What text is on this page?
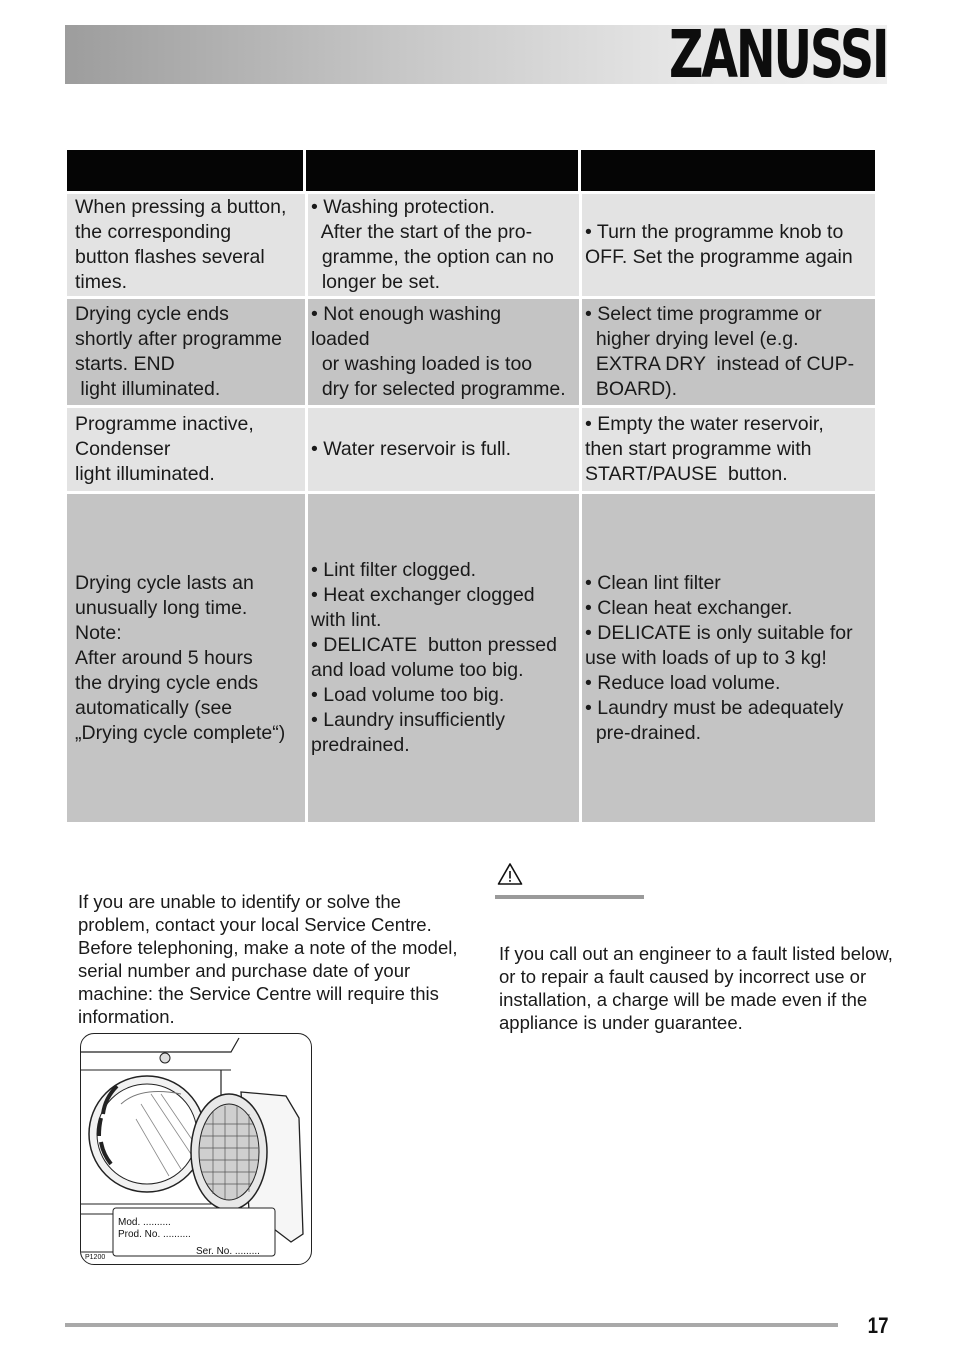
ZANUSSI
When pressing a button,
the corresponding
button flashes several
times.
• Washing protection.
After the start of the pro-
gramme, the option can no
longer be set.
• Turn the programme knob to
OFF. Set the programme again
Drying cycle ends
shortly after programme
starts. END
light illuminated.
• Not enough washing
loaded
or washing loaded is too
dry for selected programme.
• Select time programme or
higher drying level (e.g.
EXTRA DRY  instead of CUP-
BOARD).
Programme inactive,
Condenser
light illuminated.
• Water reservoir is full.
• Empty the water reservoir,
then start programme with
START/PAUSE  button.
Drying cycle lasts an
unusually long time.
Note:
After around 5 hours
the drying cycle ends
automatically (see
„Drying cycle complete“)
• Lint filter clogged.
• Heat exchanger clogged
with lint.
• DELICATE  button pressed
and load volume too big.
• Load volume too big.
• Laundry insufficiently
predrained.
• Clean lint filter
• Clean heat exchanger.
• DELICATE is only suitable for
use with loads of up to 3 kg!
• Reduce load volume.
• Laundry must be adequately
pre-drained.
If you are unable to identify or solve the problem, contact your local Service Centre. Before telephoning, make a note of the model, serial number and purchase date of your machine: the Service Centre will require this information.
If you call out an engineer to a fault listed below, or to repair a fault caused by incorrect use or installation, a charge will be made even if the appliance is under guarantee.
Mod. ..........
Prod. No. ..........
Ser. No. .........
P1200
17
